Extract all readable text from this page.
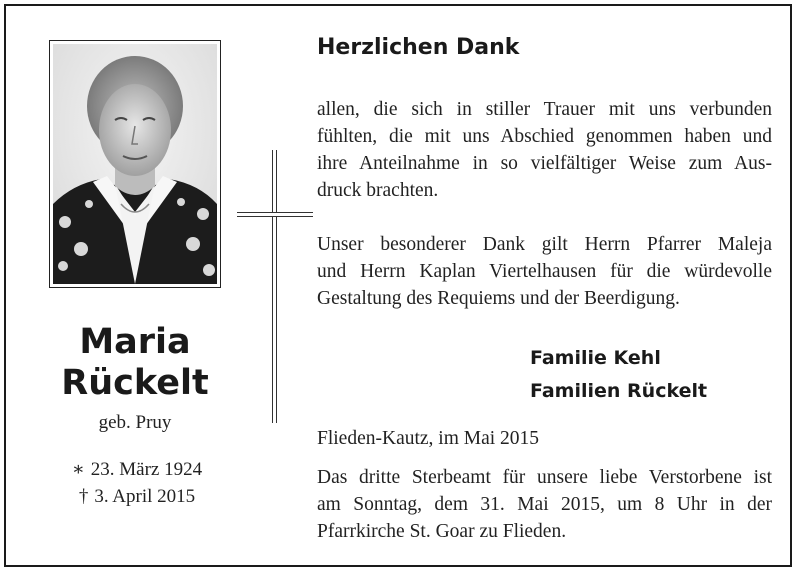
Maria
Rückelt
geb. Pruy
∗ 23. März 1924
† 3. April 2015
Herzlichen Dank
allen, die sich in stiller Trauer mit uns verbunden
fühlten, die mit uns Abschied genommen haben und
ihre Anteilnahme in so vielfältiger Weise zum Aus-
druck brachten.
Unser besonderer Dank gilt Herrn Pfarrer Maleja
und Herrn Kaplan Viertelhausen für die würdevolle
Gestaltung des Requiems und der Beerdigung.
Familie Kehl
Familien Rückelt
Flieden-Kautz, im Mai 2015
Das dritte Sterbeamt für unsere liebe Verstorbene ist
am Sonntag, dem 31. Mai 2015, um 8 Uhr in der
Pfarrkirche St. Goar zu Flieden.
